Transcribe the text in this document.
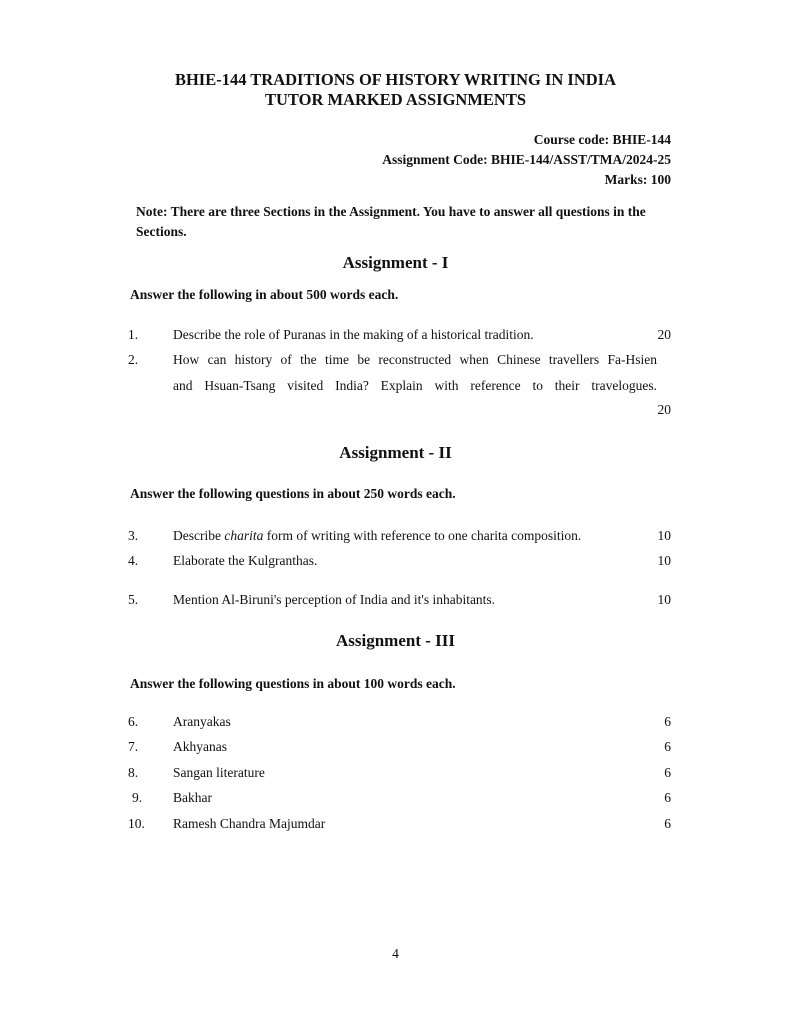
BHIE-144 TRADITIONS OF HISTORY WRITING IN INDIA
TUTOR MARKED ASSIGNMENTS
Course code: BHIE-144
Assignment Code: BHIE-144/ASST/TMA/2024-25
Marks: 100
Note: There are three Sections in the Assignment. You have to answer all questions in the Sections.
Assignment - I
Answer the following in about 500 words each.
1.	Describe the role of Puranas in the making of a historical tradition.	20
2.	How can history of the time be reconstructed when Chinese travellers Fa-Hsien
and Hsuan-Tsang visited India? Explain with reference to their travelogues.
20
Assignment - II
Answer the following questions in about 250 words each.
3.	Describe charita form of writing with reference to one charita composition.	10
4.	Elaborate the Kulgranthas.	10
5.	Mention Al-Biruni's perception of India and it's inhabitants.	10
Assignment - III
Answer the following questions in about 100 words each.
6.	Aranyakas	6
7.	Akhyanas	6
8.	Sangan literature	6
9.	Bakhar	6
10.	Ramesh Chandra Majumdar	6
4
